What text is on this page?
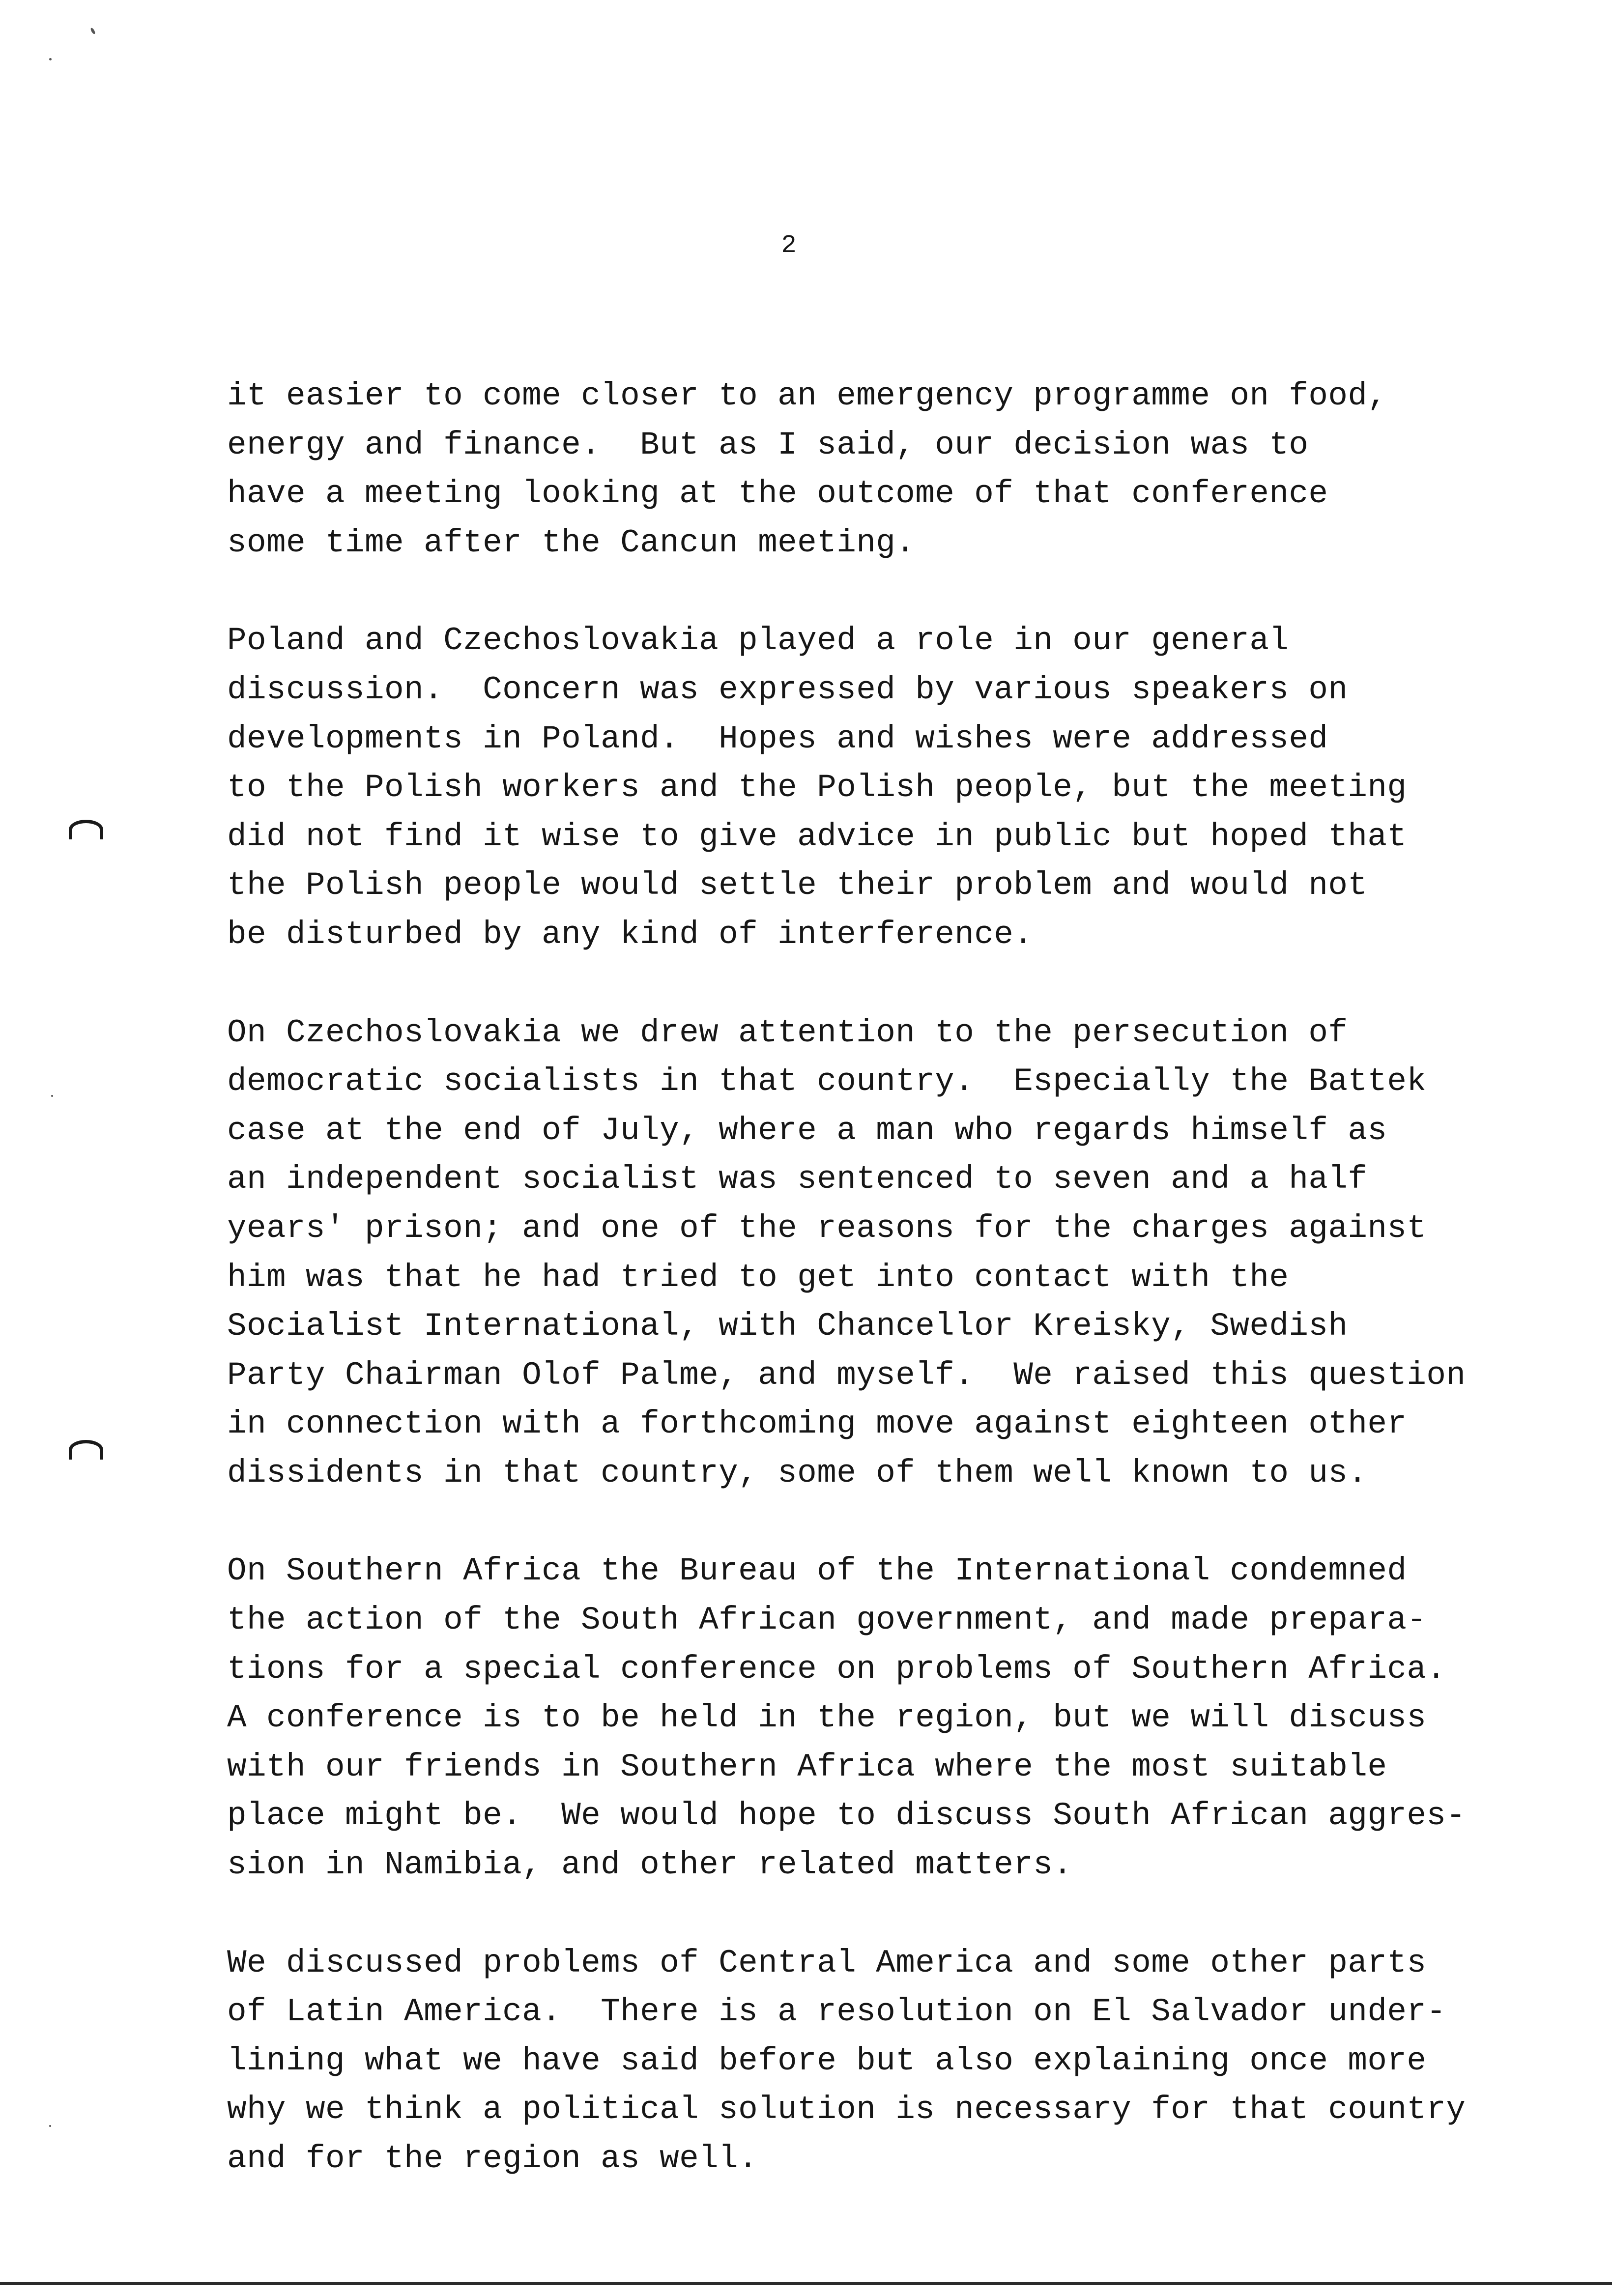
2
it easier to come closer to an emergency programme on food,
energy and finance.  But as I said, our decision was to
have a meeting looking at the outcome of that conference
some time after the Cancun meeting.
Poland and Czechoslovakia played a role in our general
discussion.  Concern was expressed by various speakers on
developments in Poland.  Hopes and wishes were addressed
to the Polish workers and the Polish people, but the meeting
did not find it wise to give advice in public but hoped that
the Polish people would settle their problem and would not
be disturbed by any kind of interference.
On Czechoslovakia we drew attention to the persecution of
democratic socialists in that country.  Especially the Battek
case at the end of July, where a man who regards himself as
an independent socialist was sentenced to seven and a half
years' prison; and one of the reasons for the charges against
him was that he had tried to get into contact with the
Socialist International, with Chancellor Kreisky, Swedish
Party Chairman Olof Palme, and myself.  We raised this question
in connection with a forthcoming move against eighteen other
dissidents in that country, some of them well known to us.
On Southern Africa the Bureau of the International condemned
the action of the South African government, and made prepara-
tions for a special conference on problems of Southern Africa.
A conference is to be held in the region, but we will discuss
with our friends in Southern Africa where the most suitable
place might be.  We would hope to discuss South African aggres-
sion in Namibia, and other related matters.
We discussed problems of Central America and some other parts
of Latin America.  There is a resolution on El Salvador under-
lining what we have said before but also explaining once more
why we think a political solution is necessary for that country
and for the region as well.
